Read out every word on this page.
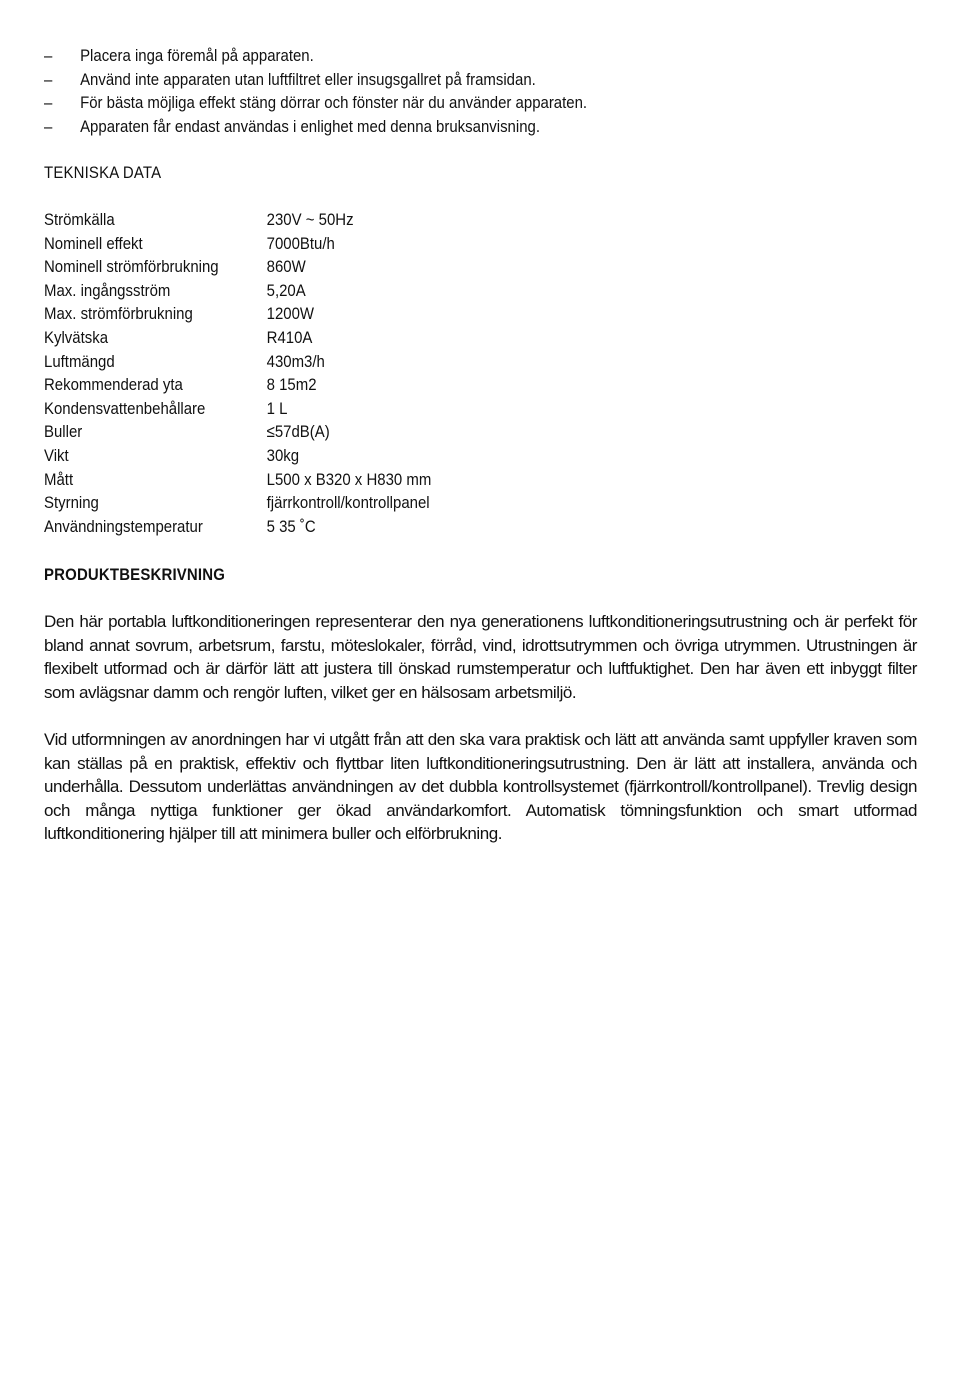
– Placera inga föremål på apparaten.
– Använd inte apparaten utan luftfiltret eller insugsgallret på framsidan.
– För bästa möjliga effekt stäng dörrar och fönster när du använder apparaten.
– Apparaten får endast användas i enlighet med denna bruksanvisning.
TEKNISKA DATA
Strömkälla	230V ~ 50Hz
Nominell effekt	7000Btu/h
Nominell strömförbrukning	860W
Max. ingångsström	5,20A
Max. strömförbrukning	1200W
Kylvätska	R410A
Luftmängd	430m3/h
Rekommenderad yta	8 15m2
Kondensvattenbehållare	1 L
Buller	≤57dB(A)
Vikt	30kg
Mått	L500 x B320 x H830 mm
Styrning	fjärrkontroll/kontrollpanel
Användningstemperatur	5 35 ˚C
PRODUKTBESKRIVNING

Den här portabla luftkonditioneringen representerar den nya generationens luftkonditioneringsutrustning och är perfekt för bland annat sovrum, arbetsrum, farstu, möteslokaler, förråd, vind, idrottsutrymmen och övriga utrymmen. Utrustningen är flexibelt utformad och är därför lätt att justera till önskad rumstemperatur och luftfuktighet. Den har även ett inbyggt filter som avlägsnar damm och rengör luften, vilket ger en hälsosam arbetsmiljö.

Vid utformningen av anordningen har vi utgått från att den ska vara praktisk och lätt att använda samt uppfyller kraven som kan ställas på en praktisk, effektiv och flyttbar liten luftkonditioneringsutrustning. Den är lätt att installera, använda och underhålla. Dessutom underlättas användningen av det dubbla kontrollsystemet (fjärrkontroll/kontrollpanel). Trevlig design och många nyttiga funktioner ger ökad användarkomfort. Automatisk tömningsfunktion och smart utformad luftkonditionering hjälper till att minimera buller och elförbrukning.
